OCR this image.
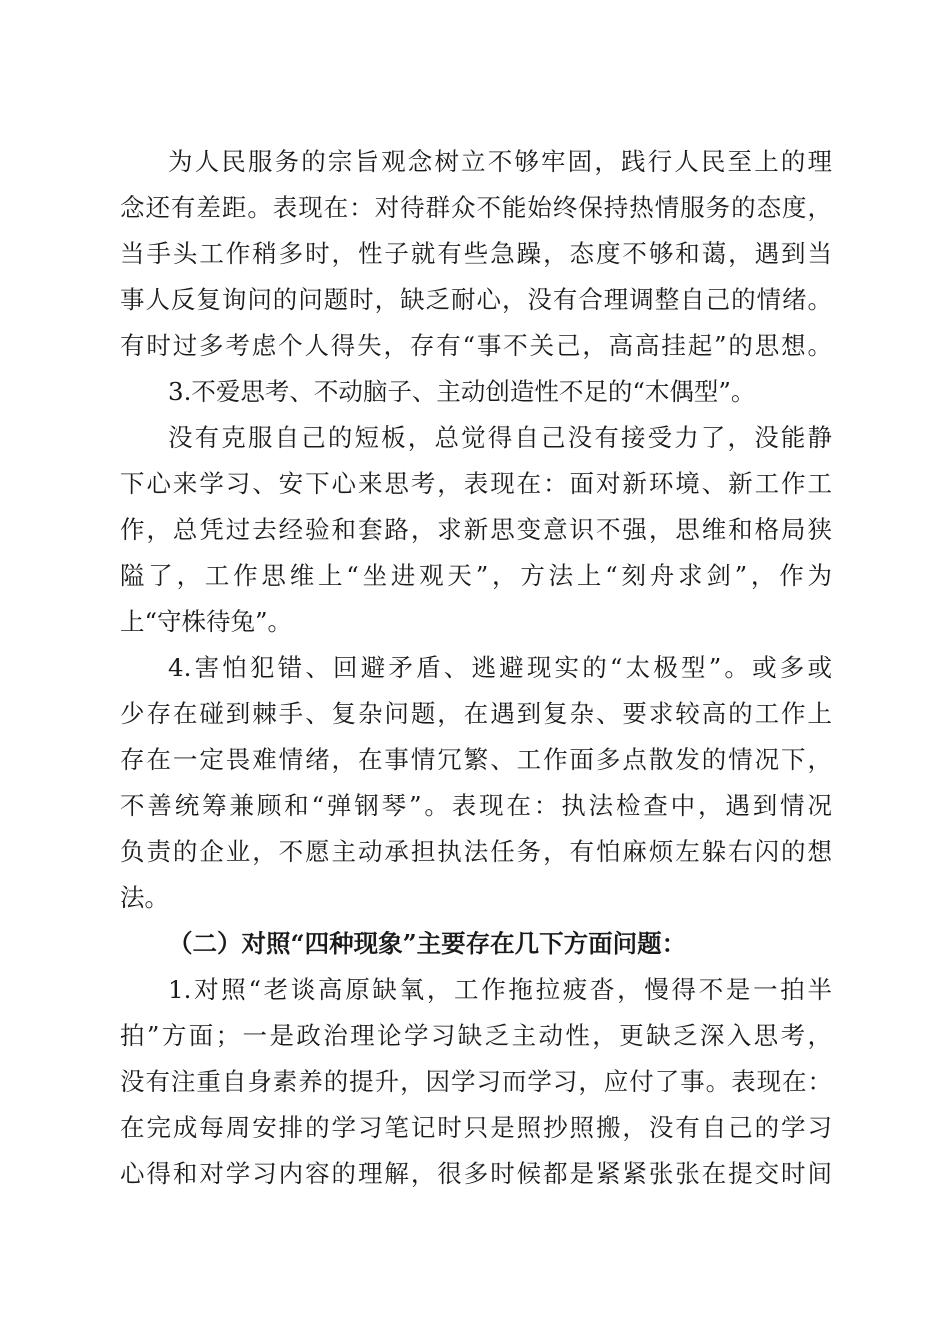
为人民服务的宗旨观念树立不够牢固，践行人民至上的理
念还有差距。表现在：对待群众不能始终保持热情服务的态度，
当手头工作稍多时，性子就有些急躁，态度不够和蔼，遇到当
事人反复询问的问题时，缺乏耐心，没有合理调整自己的情绪。
有时过多考虑个人得失，存有“事不关己，高高挂起”的思想。
3.不爱思考、不动脑子、主动创造性不足的“木偶型”。
没有克服自己的短板，总觉得自己没有接受力了，没能静
下心来学习、安下心来思考，表现在：面对新环境、新工作工
作，总凭过去经验和套路，求新思变意识不强，思维和格局狭
隘了，工作思维上“坐进观天”，方法上“刻舟求剑”，作为
上“守株待兔”。
4.害怕犯错、回避矛盾、逃避现实的“太极型”。或多或
少存在碰到棘手、复杂问题，在遇到复杂、要求较高的工作上
存在一定畏难情绪，在事情冗繁、工作面多点散发的情况下，
不善统筹兼顾和“弹钢琴”。表现在：执法检查中，遇到情况
负责的企业，不愿主动承担执法任务，有怕麻烦左躲右闪的想
法。
（二）对照“四种现象”主要存在几下方面问题：
1.对照“老谈高原缺氧，工作拖拉疲沓，慢得不是一拍半
拍”方面；一是政治理论学习缺乏主动性，更缺乏深入思考，
没有注重自身素养的提升，因学习而学习，应付了事。表现在：
在完成每周安排的学习笔记时只是照抄照搬，没有自己的学习
心得和对学习内容的理解，很多时候都是紧紧张张在提交时间
